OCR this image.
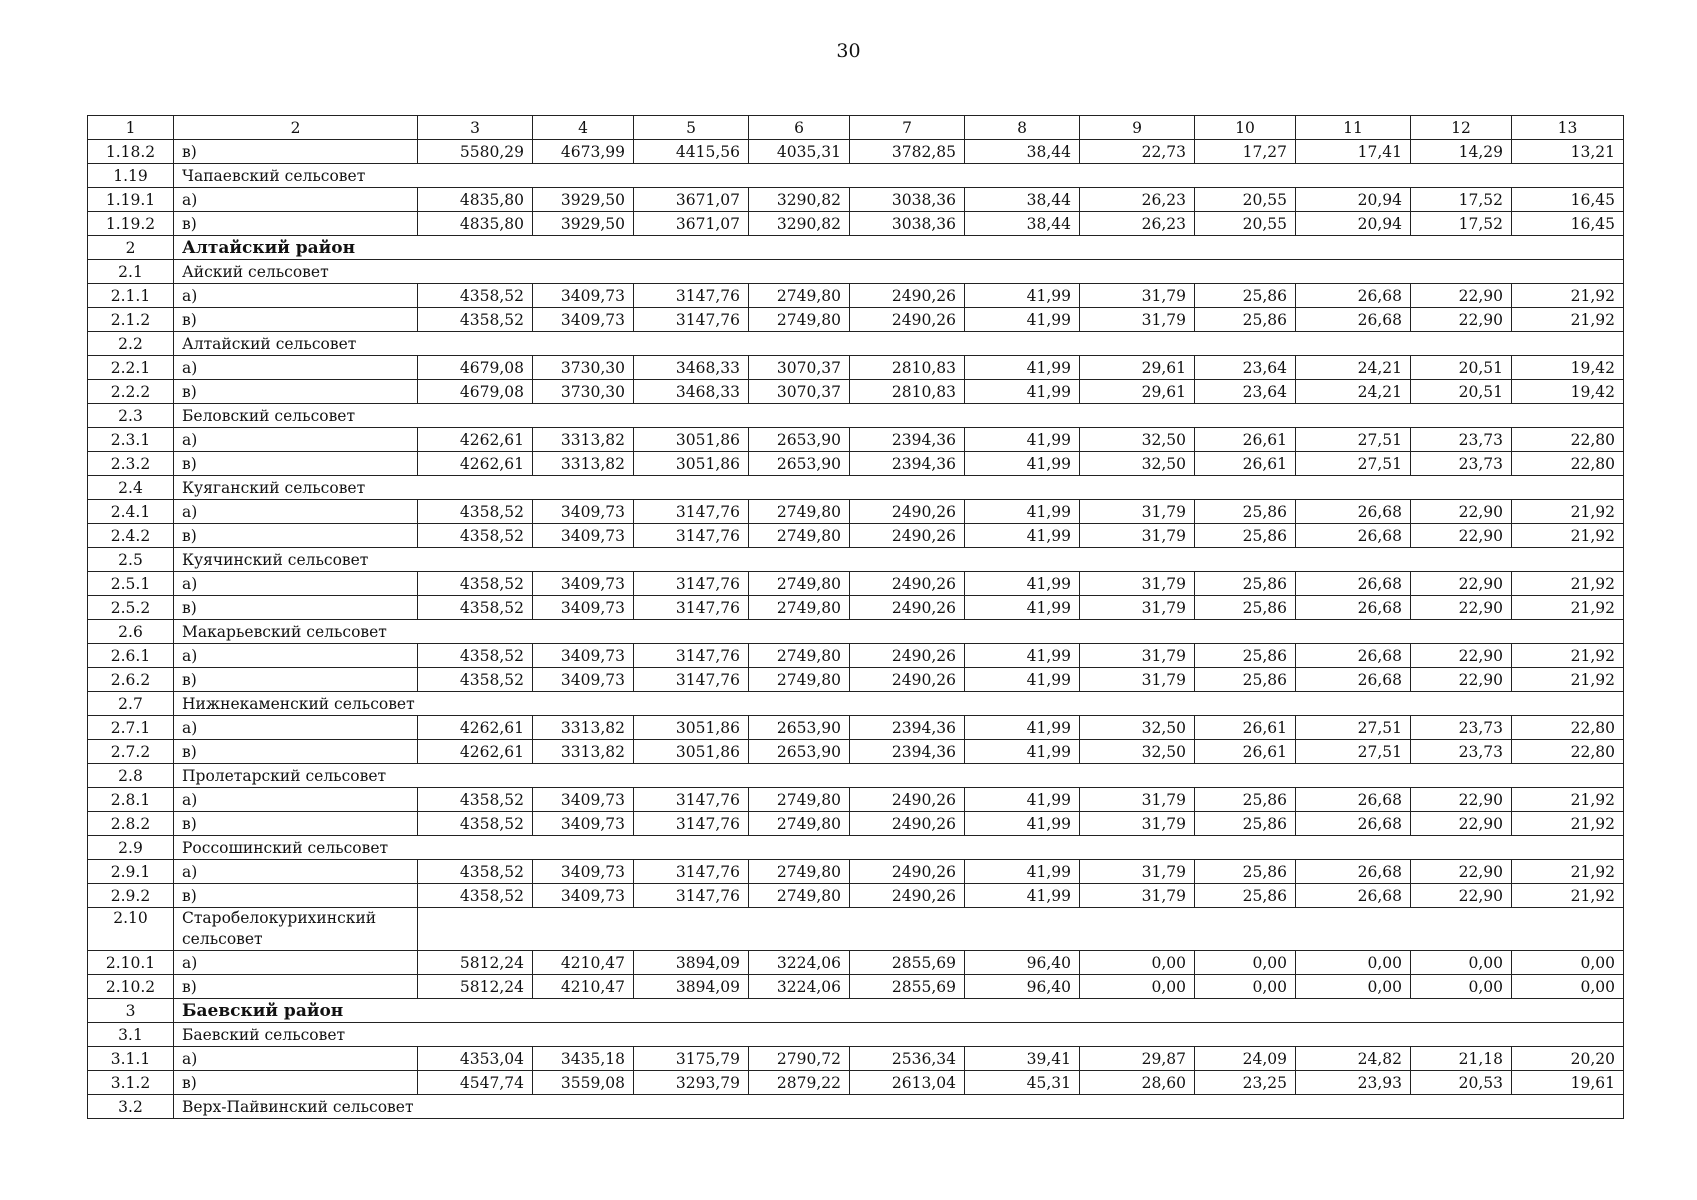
30
1	2	3	4	5	6	7	8	9	10	11	12	13
1.18.2	в)	5580,29	4673,99	4415,56	4035,31	3782,85	38,44	22,73	17,27	17,41	14,29	13,21
1.19	Чапаевский сельсовет											
1.19.1	а)	4835,80	3929,50	3671,07	3290,82	3038,36	38,44	26,23	20,55	20,94	17,52	16,45
1.19.2	в)	4835,80	3929,50	3671,07	3290,82	3038,36	38,44	26,23	20,55	20,94	17,52	16,45
2	Алтайский район											
2.1	Айский сельсовет											
2.1.1	а)	4358,52	3409,73	3147,76	2749,80	2490,26	41,99	31,79	25,86	26,68	22,90	21,92
2.1.2	в)	4358,52	3409,73	3147,76	2749,80	2490,26	41,99	31,79	25,86	26,68	22,90	21,92
2.2	Алтайский сельсовет											
2.2.1	а)	4679,08	3730,30	3468,33	3070,37	2810,83	41,99	29,61	23,64	24,21	20,51	19,42
2.2.2	в)	4679,08	3730,30	3468,33	3070,37	2810,83	41,99	29,61	23,64	24,21	20,51	19,42
2.3	Беловский сельсовет											
2.3.1	а)	4262,61	3313,82	3051,86	2653,90	2394,36	41,99	32,50	26,61	27,51	23,73	22,80
2.3.2	в)	4262,61	3313,82	3051,86	2653,90	2394,36	41,99	32,50	26,61	27,51	23,73	22,80
2.4	Куяганский сельсовет											
2.4.1	а)	4358,52	3409,73	3147,76	2749,80	2490,26	41,99	31,79	25,86	26,68	22,90	21,92
2.4.2	в)	4358,52	3409,73	3147,76	2749,80	2490,26	41,99	31,79	25,86	26,68	22,90	21,92
2.5	Куячинский сельсовет											
2.5.1	а)	4358,52	3409,73	3147,76	2749,80	2490,26	41,99	31,79	25,86	26,68	22,90	21,92
2.5.2	в)	4358,52	3409,73	3147,76	2749,80	2490,26	41,99	31,79	25,86	26,68	22,90	21,92
2.6	Макарьевский сельсовет											
2.6.1	а)	4358,52	3409,73	3147,76	2749,80	2490,26	41,99	31,79	25,86	26,68	22,90	21,92
2.6.2	в)	4358,52	3409,73	3147,76	2749,80	2490,26	41,99	31,79	25,86	26,68	22,90	21,92
2.7	Нижнекаменский сельсовет											
2.7.1	а)	4262,61	3313,82	3051,86	2653,90	2394,36	41,99	32,50	26,61	27,51	23,73	22,80
2.7.2	в)	4262,61	3313,82	3051,86	2653,90	2394,36	41,99	32,50	26,61	27,51	23,73	22,80
2.8	Пролетарский сельсовет											
2.8.1	а)	4358,52	3409,73	3147,76	2749,80	2490,26	41,99	31,79	25,86	26,68	22,90	21,92
2.8.2	в)	4358,52	3409,73	3147,76	2749,80	2490,26	41,99	31,79	25,86	26,68	22,90	21,92
2.9	Россошинский сельсовет											
2.9.1	а)	4358,52	3409,73	3147,76	2749,80	2490,26	41,99	31,79	25,86	26,68	22,90	21,92
2.9.2	в)	4358,52	3409,73	3147,76	2749,80	2490,26	41,99	31,79	25,86	26,68	22,90	21,92
2.10	Старобелокурихинский сельсовет											
2.10.1	а)	5812,24	4210,47	3894,09	3224,06	2855,69	96,40	0,00	0,00	0,00	0,00	0,00
2.10.2	в)	5812,24	4210,47	3894,09	3224,06	2855,69	96,40	0,00	0,00	0,00	0,00	0,00
3	Баевский район											
3.1	Баевский сельсовет											
3.1.1	а)	4353,04	3435,18	3175,79	2790,72	2536,34	39,41	29,87	24,09	24,82	21,18	20,20
3.1.2	в)	4547,74	3559,08	3293,79	2879,22	2613,04	45,31	28,60	23,25	23,93	20,53	19,61
3.2	Верх-Пайвинский сельсовет											
